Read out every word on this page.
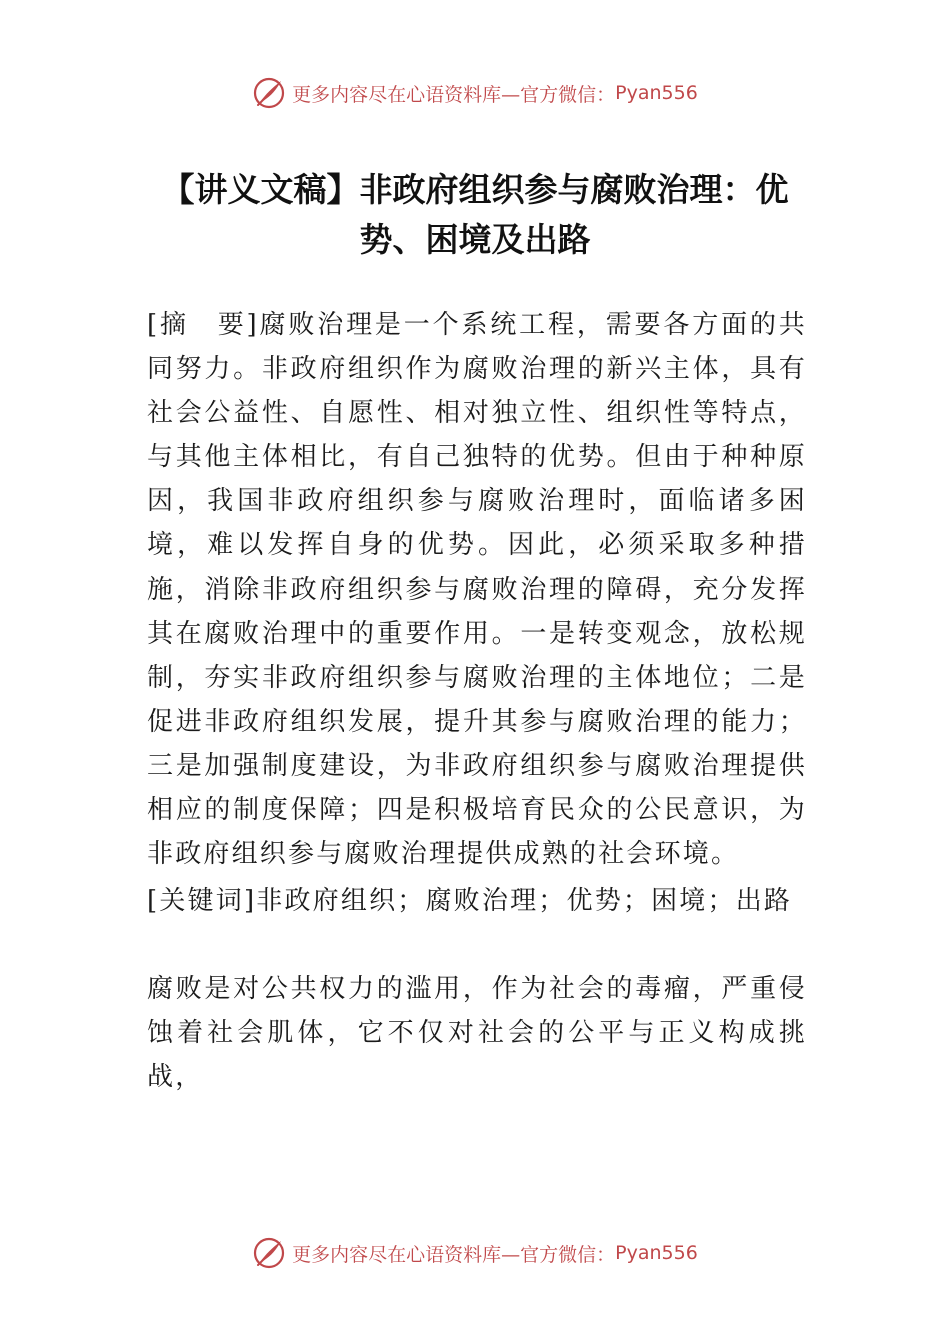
更多内容尽在心语资料库—官方微信： Pyan556
【讲义文稿】非政府组织参与腐败治理：优势、困境及出路
[摘　要]腐败治理是一个系统工程，需要各方面的共同努力。非政府组织作为腐败治理的新兴主体，具有社会公益性、自愿性、相对独立性、组织性等特点，与其他主体相比，有自己独特的优势。但由于种种原因，我国非政府组织参与腐败治理时，面临诸多困境，难以发挥自身的优势。因此，必须采取多种措施，消除非政府组织参与腐败治理的障碍，充分发挥其在腐败治理中的重要作用。一是转变观念，放松规制，夯实非政府组织参与腐败治理的主体地位；二是促进非政府组织发展，提升其参与腐败治理的能力；三是加强制度建设，为非政府组织参与腐败治理提供相应的制度保障；四是积极培育民众的公民意识，为非政府组织参与腐败治理提供成熟的社会环境。
[关键词]非政府组织；腐败治理；优势；困境；出路
腐败是对公共权力的滥用，作为社会的毒瘤，严重侵蚀着社会肌体，它不仅对社会的公平与正义构成挑战，
更多内容尽在心语资料库—官方微信： Pyan556
